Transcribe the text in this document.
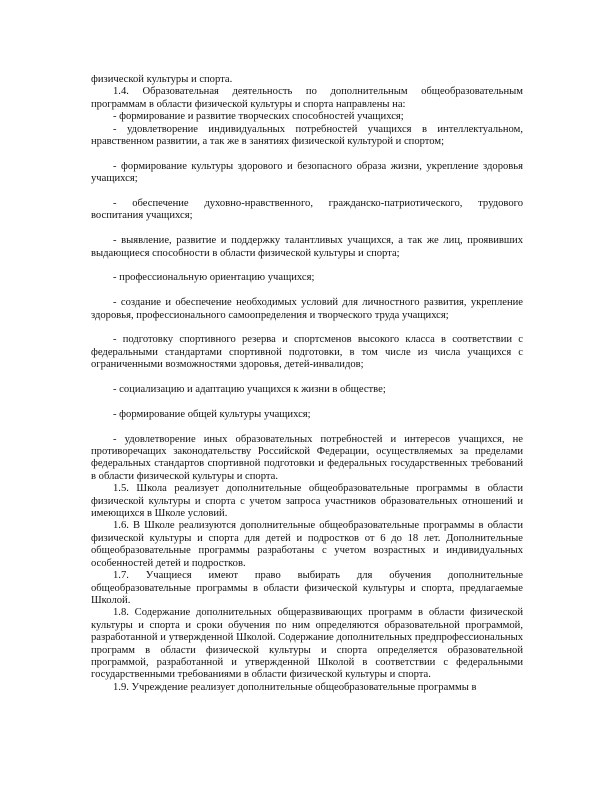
физической культуры и спорта.

1.4. Образовательная деятельность по дополнительным общеобразовательным программам в области физической культуры и спорта направлены на:

- формирование и развитие творческих способностей учащихся;

- удовлетворение индивидуальных потребностей учащихся в интеллектуальном, нравственном развитии, а так же в занятиях физической культурой и спортом;

- формирование культуры здорового и безопасного образа жизни, укрепление здоровья учащихся;

- обеспечение духовно-нравственного, гражданско-патриотического, трудового воспитания учащихся;

- выявление, развитие и поддержку талантливых учащихся, а так же лиц, проявивших выдающиеся способности в области физической культуры и спорта;

- профессиональную ориентацию учащихся;

- создание и обеспечение необходимых условий для личностного развития, укрепление здоровья, профессионального самоопределения и творческого труда учащихся;

- подготовку спортивного резерва и спортсменов высокого класса в соответствии с федеральными стандартами спортивной подготовки, в том числе из числа учащихся с ограниченными возможностями здоровья, детей-инвалидов;

- социализацию и адаптацию учащихся к жизни в обществе;

- формирование общей культуры учащихся;

- удовлетворение иных образовательных потребностей и интересов учащихся, не противоречащих законодательству Российской Федерации, осуществляемых за пределами федеральных стандартов спортивной подготовки и федеральных государственных требований в области физической культуры и спорта.

1.5. Школа реализует дополнительные общеобразовательные программы в области физической культуры и спорта с учетом запроса участников образовательных отношений и имеющихся в Школе условий.

1.6. В Школе реализуются дополнительные общеобразовательные программы в области физической культуры и спорта для детей и подростков от 6 до 18 лет. Дополнительные общеобразовательные программы разработаны с учетом возрастных и индивидуальных особенностей детей и подростков.

1.7. Учащиеся имеют право выбирать для обучения дополнительные общеобразовательные программы в области физической культуры и спорта, предлагаемые Школой.

1.8. Содержание дополнительных общеразвивающих программ в области физической культуры и спорта и сроки обучения по ним определяются образовательной программой, разработанной и утвержденной Школой. Содержание дополнительных предпрофессиональных программ в области физической культуры и спорта определяется образовательной программой, разработанной и утвержденной Школой в соответствии с федеральными государственными требованиями в области физической культуры и спорта.

1.9. Учреждение реализует дополнительные общеобразовательные программы в
